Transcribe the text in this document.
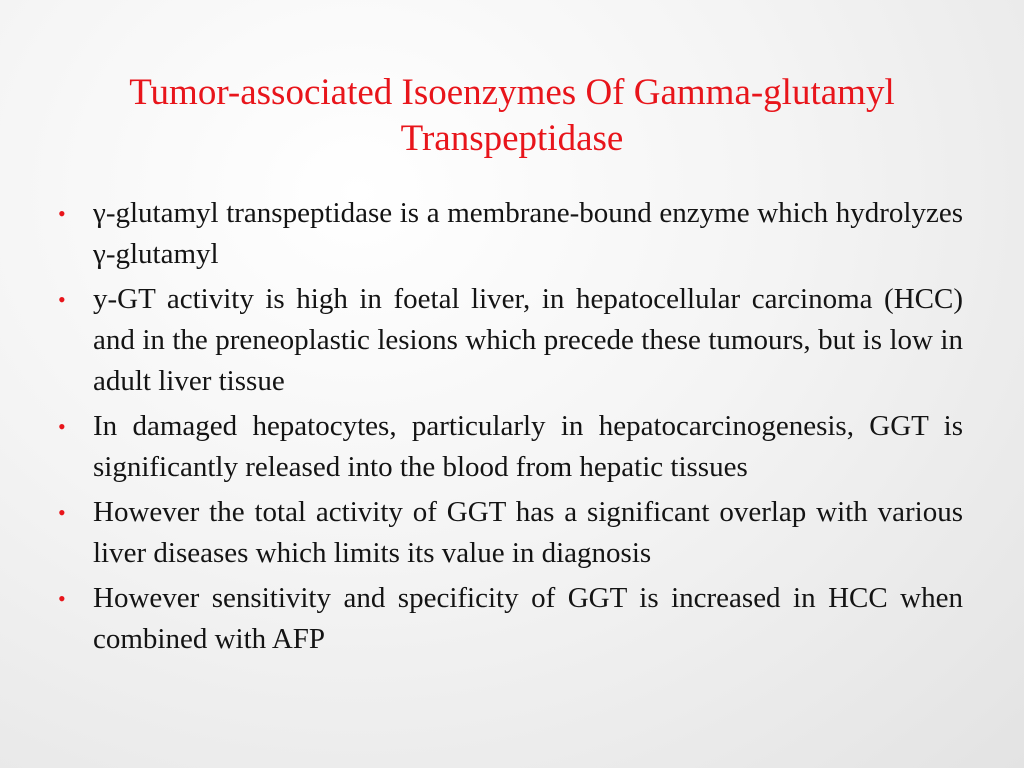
Tumor-associated Isoenzymes Of Gamma-glutamyl Transpeptidase
• γ-glutamyl transpeptidase is a membrane-bound enzyme which hydrolyzes γ-glutamyl
• y-GT activity is high in foetal liver, in hepatocellular carcinoma (HCC) and in the preneoplastic lesions which precede these tumours, but is low in adult liver tissue
• In damaged hepatocytes, particularly in hepatocarcinogenesis, GGT is significantly released into the blood from hepatic tissues
• However the total activity of GGT has a significant overlap with various liver diseases which limits its value in diagnosis
• However sensitivity and specificity of GGT is increased in HCC when combined with AFP
